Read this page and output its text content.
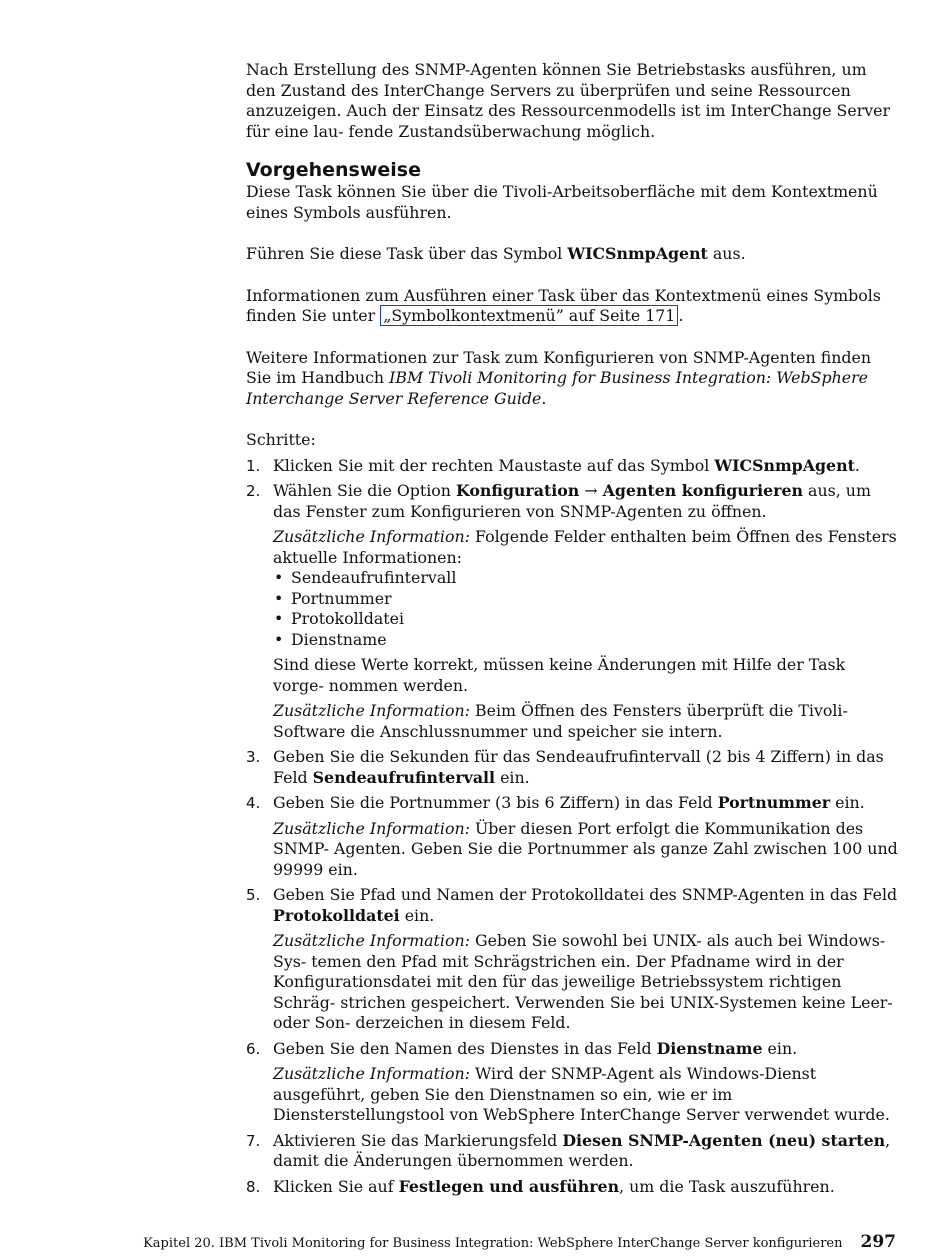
Nach Erstellung des SNMP-Agenten können Sie Betriebstasks ausführen, um den Zustand des InterChange Servers zu überprüfen und seine Ressourcen anzuzeigen. Auch der Einsatz des Ressourcenmodells ist im InterChange Server für eine lau- fende Zustandsüberwachung möglich.

Vorgehensweise

Diese Task können Sie über die Tivoli-Arbeitsoberfläche mit dem Kontextmenü eines Symbols ausführen.

Führen Sie diese Task über das Symbol WICSnmpAgent aus.

Informationen zum Ausführen einer Task über das Kontextmenü eines Symbols finden Sie unter „Symbolkontextmenü” auf Seite 171 .

Weitere Informationen zur Task zum Konfigurieren von SNMP-Agenten finden Sie im Handbuch IBM Tivoli Monitoring for Business Integration: WebSphere Interchange Server Reference Guide.

Schritte:

1. Klicken Sie mit der rechten Maustaste auf das Symbol WICSnmpAgent.
2. Wählen Sie die Option Konfiguration → Agenten konfigurieren aus, um das Fenster zum Konfigurieren von SNMP-Agenten zu öffnen.
Zusätzliche Information: Folgende Felder enthalten beim Öffnen des Fensters aktuelle Informationen:
• Sendeaufrufintervall
• Portnummer
• Protokolldatei
• Dienstname
Sind diese Werte korrekt, müssen keine Änderungen mit Hilfe der Task vorge- nommen werden.
Zusätzliche Information: Beim Öffnen des Fensters überprüft die Tivoli-Software die Anschlussnummer und speicher sie intern.
3. Geben Sie die Sekunden für das Sendeaufrufintervall (2 bis 4 Ziffern) in das Feld Sendeaufrufintervall ein.
4. Geben Sie die Portnummer (3 bis 6 Ziffern) in das Feld Portnummer ein.
Zusätzliche Information: Über diesen Port erfolgt die Kommunikation des SNMP- Agenten. Geben Sie die Portnummer als ganze Zahl zwischen 100 und 99999 ein.
5. Geben Sie Pfad und Namen der Protokolldatei des SNMP-Agenten in das Feld Protokolldatei ein.
Zusätzliche Information: Geben Sie sowohl bei UNIX- als auch bei Windows-Sys- temen den Pfad mit Schrägstrichen ein. Der Pfadname wird in der Konfigurationsdatei mit den für das jeweilige Betriebssystem richtigen Schräg- strichen gespeichert. Verwenden Sie bei UNIX-Systemen keine Leer- oder Son- derzeichen in diesem Feld.
6. Geben Sie den Namen des Dienstes in das Feld Dienstname ein.
Zusätzliche Information: Wird der SNMP-Agent als Windows-Dienst ausgeführt, geben Sie den Dienstnamen so ein, wie er im Diensterstellungstool von WebSphere InterChange Server verwendet wurde.
7. Aktivieren Sie das Markierungsfeld Diesen SNMP-Agenten (neu) starten, damit die Änderungen übernommen werden.
8. Klicken Sie auf Festlegen und ausführen, um die Task auszuführen.
Kapitel 20. IBM Tivoli Monitoring for Business Integration: WebSphere InterChange Server konfigurieren 297
